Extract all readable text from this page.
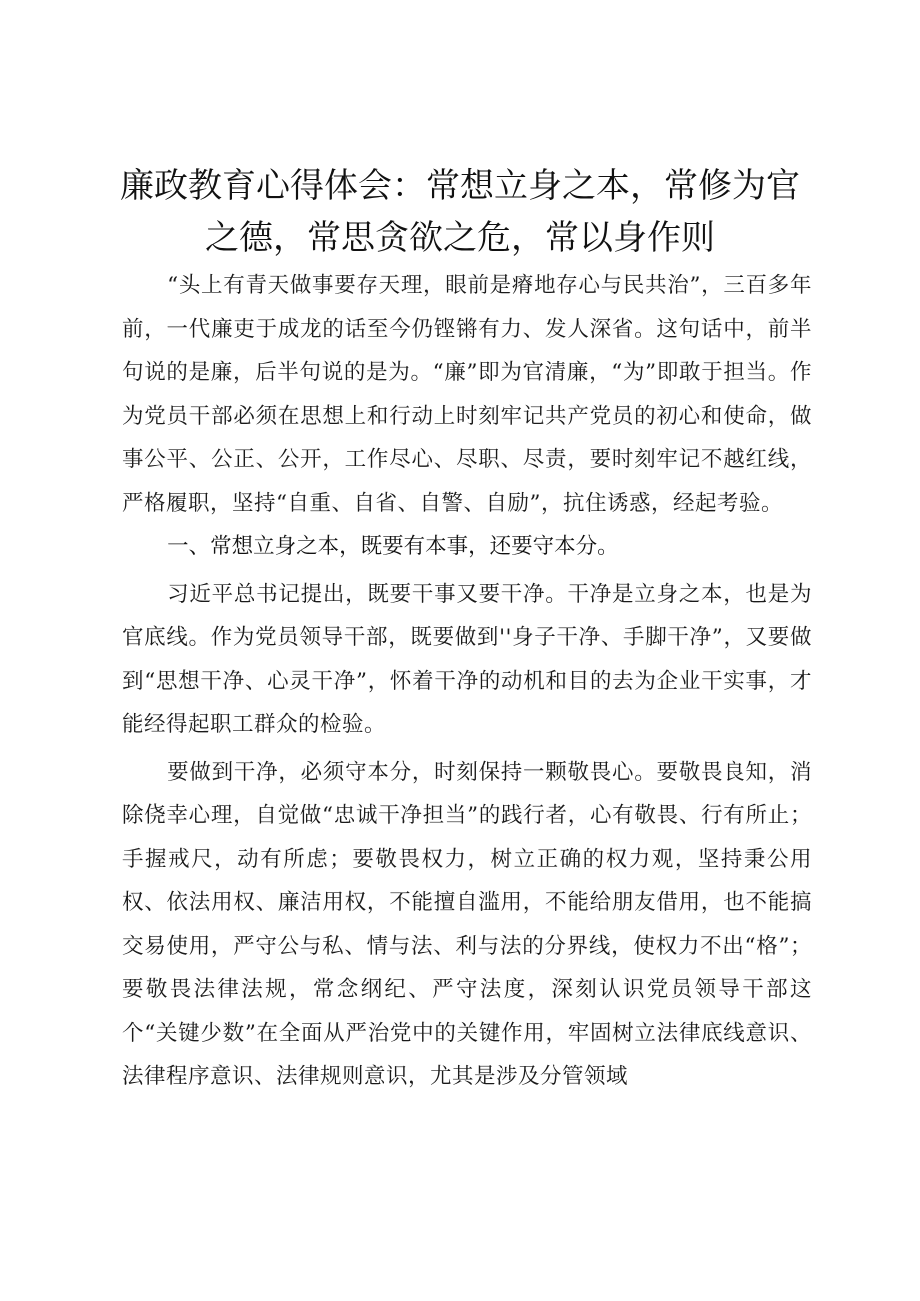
廉政教育心得体会：常想立身之本，常修为官
之德，常思贪欲之危，常以身作则

“头上有青天做事要存天理，眼前是瘠地存心与民共治”，三百多年前，一代廉吏于成龙的话至今仍铿锵有力、发人深省。这句话中，前半句说的是廉，后半句说的是为。“廉”即为官清廉，“为”即敢于担当。作为党员干部必须在思想上和行动上时刻牢记共产党员的初心和使命，做事公平、公正、公开，工作尽心、尽职、尽责，要时刻牢记不越红线，严格履职，坚持“自重、自省、自警、自励”，抗住诱惑，经起考验。

一、常想立身之本，既要有本事，还要守本分。

习近平总书记提出，既要干事又要干净。干净是立身之本，也是为官底线。作为党员领导干部，既要做到''身子干净、手脚干净”，又要做到“思想干净、心灵干净”，怀着干净的动机和目的去为企业干实事，才能经得起职工群众的检验。

要做到干净，必须守本分，时刻保持一颗敬畏心。要敬畏良知，消除侥幸心理，自觉做“忠诚干净担当”的践行者，心有敬畏、行有所止；手握戒尺，动有所虑；要敬畏权力，树立正确的权力观，坚持秉公用权、依法用权、廉洁用权，不能擅自滥用，不能给朋友借用，也不能搞交易使用，严守公与私、情与法、利与法的分界线，使权力不出“格”；要敬畏法律法规，常念纲纪、严守法度，深刻认识党员领导干部这个“关键少数”在全面从严治党中的关键作用，牢固树立法律底线意识、法律程序意识、法律规则意识，尤其是涉及分管领域
